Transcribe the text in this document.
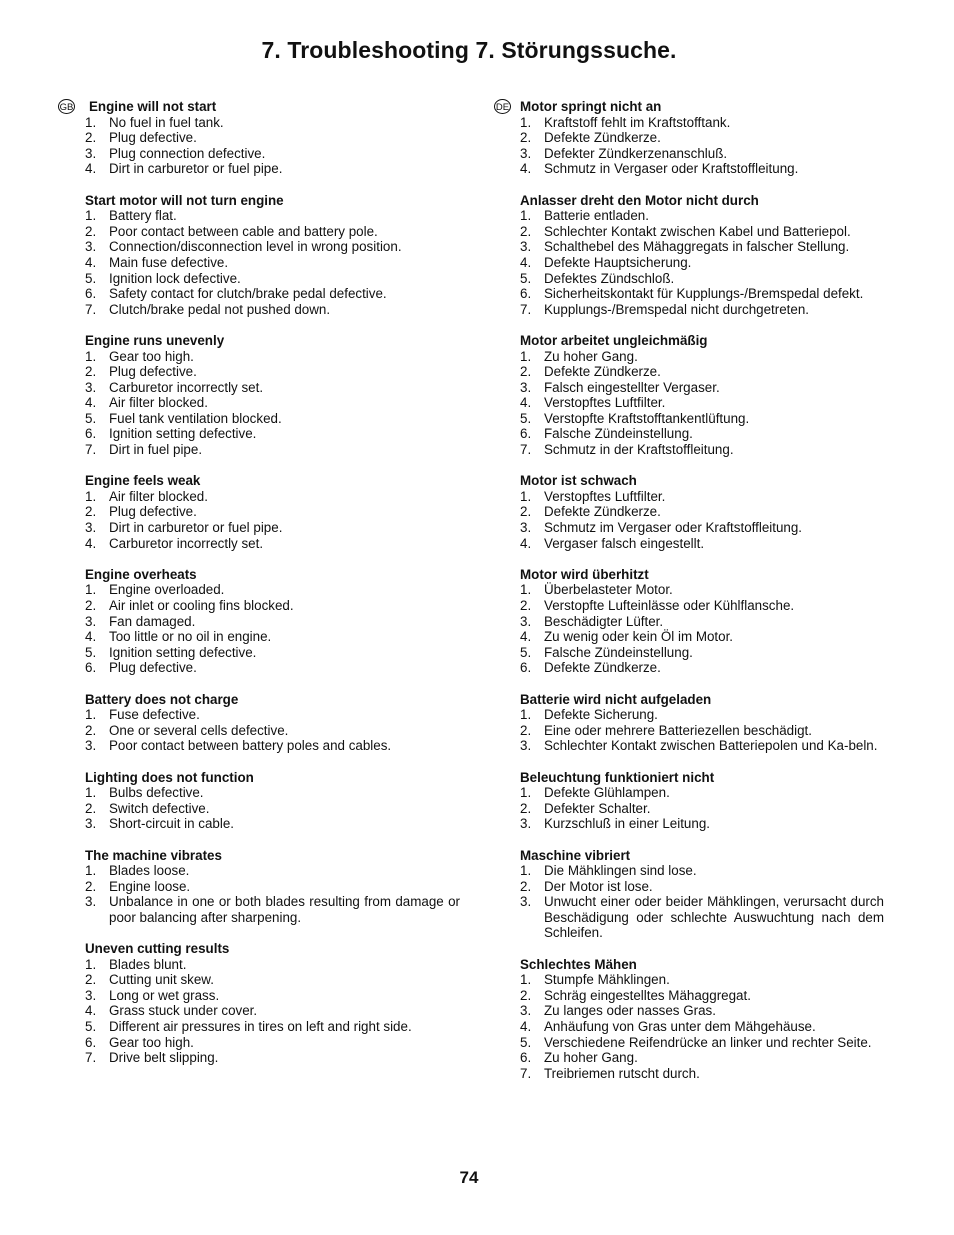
7. Troubleshooting 7. Störungssuche.
GB Engine will not start
1. No fuel in fuel tank.
2. Plug defective.
3. Plug connection defective.
4. Dirt in carburetor or fuel pipe.
Start motor will not turn engine
1. Battery flat.
2. Poor contact between cable and battery pole.
3. Connection/disconnection level in wrong position.
4. Main fuse defective.
5. Ignition lock defective.
6. Safety contact for clutch/brake pedal defective.
7. Clutch/brake pedal not pushed down.
Engine runs unevenly
1. Gear too high.
2. Plug defective.
3. Carburetor incorrectly set.
4. Air filter blocked.
5. Fuel tank ventilation blocked.
6. Ignition setting defective.
7. Dirt in fuel pipe.
Engine feels weak
1. Air filter blocked.
2. Plug defective.
3. Dirt in carburetor or fuel pipe.
4. Carburetor incorrectly set.
Engine overheats
1. Engine overloaded.
2. Air inlet or cooling fins blocked.
3. Fan damaged.
4. Too little or no oil in engine.
5. Ignition setting defective.
6. Plug defective.
Battery does not charge
1. Fuse defective.
2. One or several cells defective.
3. Poor contact between battery poles and cables.
Lighting does not function
1. Bulbs defective.
2. Switch defective.
3. Short-circuit in cable.
The machine vibrates
1. Blades loose.
2. Engine loose.
3. Unbalance in one or both blades resulting from damage or poor balancing after sharpening.
Uneven cutting results
1. Blades blunt.
2. Cutting unit skew.
3. Long or wet grass.
4. Grass stuck under cover.
5. Different air pressures in tires on left and right side.
6. Gear too high.
7. Drive belt slipping.
DE Motor springt nicht an
1. Kraftstoff fehlt im Kraftstofftank.
2. Defekte Zündkerze.
3. Defekter Zündkerzenanschluß.
4. Schmutz in Vergaser oder Kraftstoffleitung.
Anlasser dreht den Motor nicht durch
1. Batterie entladen.
2. Schlechter Kontakt zwischen Kabel und Batteriepol.
3. Schalthebel des Mähaggregats in falscher Stellung.
4. Defekte Hauptsicherung.
5. Defektes Zündschloß.
6. Sicherheitskontakt für Kupplungs-/Bremspedal defekt.
7. Kupplungs-/Bremspedal nicht durchgetreten.
Motor arbeitet ungleichmäßig
1. Zu hoher Gang.
2. Defekte Zündkerze.
3. Falsch eingestellter Vergaser.
4. Verstopftes Luftfilter.
5. Verstopfte Kraftstofftankentlüftung.
6. Falsche Zündeinstellung.
7. Schmutz in der Kraftstoffleitung.
Motor ist schwach
1. Verstopftes Luftfilter.
2. Defekte Zündkerze.
3. Schmutz im Vergaser oder Kraftstoffleitung.
4. Vergaser falsch eingestellt.
Motor wird überhitzt
1. Überbelasteter Motor.
2. Verstopfte Lufteinlässe oder Kühlflansche.
3. Beschädigter Lüfter.
4. Zu wenig oder kein Öl im Motor.
5. Falsche Zündeinstellung.
6. Defekte Zündkerze.
Batterie wird nicht aufgeladen
1. Defekte Sicherung.
2. Eine oder mehrere Batteriezellen beschädigt.
3. Schlechter Kontakt zwischen Batteriepolen und Ka-beln.
Beleuchtung funktioniert nicht
1. Defekte Glühlampen.
2. Defekter Schalter.
3. Kurzschluß in einer Leitung.
Maschine vibriert
1. Die Mähklingen sind lose.
2. Der Motor ist lose.
3. Unwucht einer oder beider Mähklingen, verursacht durch Beschädigung oder schlechte Auswuchtung nach dem Schleifen.
Schlechtes Mähen
1. Stumpfe Mähklingen.
2. Schräg eingestelltes Mähaggregat.
3. Zu langes oder nasses Gras.
4. Anhäufung von Gras unter dem Mähgehäuse.
5. Verschiedene Reifendrücke an linker und rechter Seite.
6. Zu hoher Gang.
7. Treibriemen rutscht durch.
74
